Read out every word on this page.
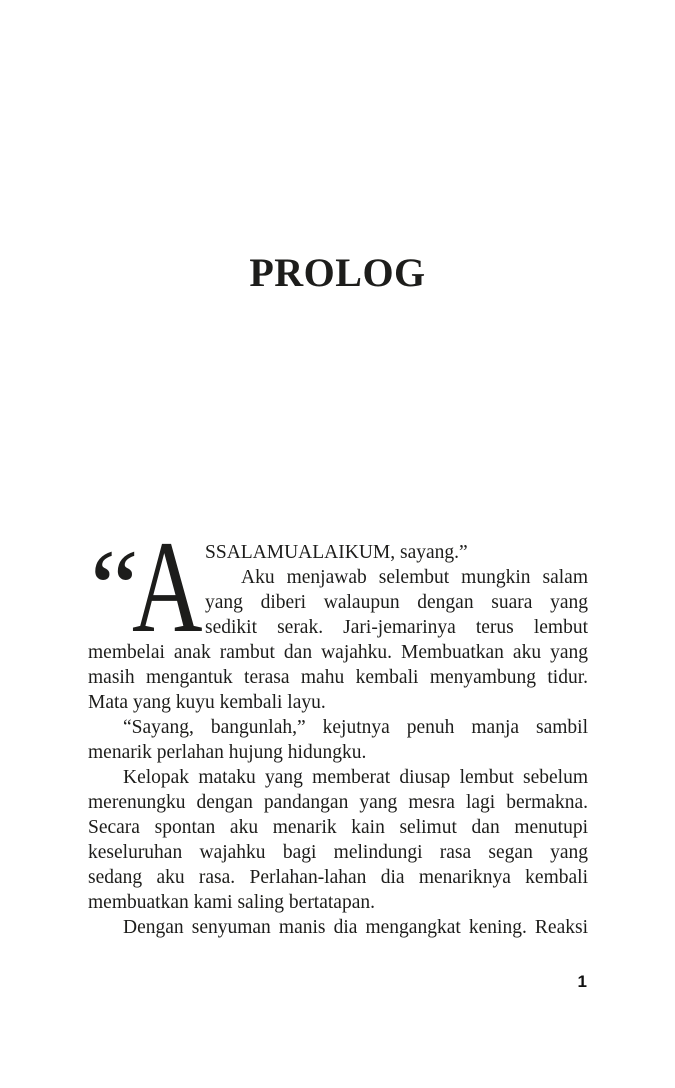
PROLOG
“
A SSALAMUALAIKUM, sayang.”
Aku menjawab selembut mungkin salam
yang diberi walaupun dengan suara yang
sedikit serak. Jari-jemarinya terus lembut
membelai anak rambut dan wajahku. Membuatkan aku yang
masih mengantuk terasa mahu kembali menyambung tidur.
Mata yang kuyu kembali layu.
“Sayang, bangunlah,” kejutnya penuh manja sambil
menarik perlahan hujung hidungku.
Kelopak mataku yang memberat diusap lembut sebelum
merenungku dengan pandangan yang mesra lagi bermakna.
Secara spontan aku menarik kain selimut dan menutupi
keseluruhan wajahku bagi melindungi rasa segan yang
sedang aku rasa. Perlahan-lahan dia menariknya kembali
membuatkan kami saling bertatapan.
Dengan senyuman manis dia mengangkat kening. Reaksi
1
